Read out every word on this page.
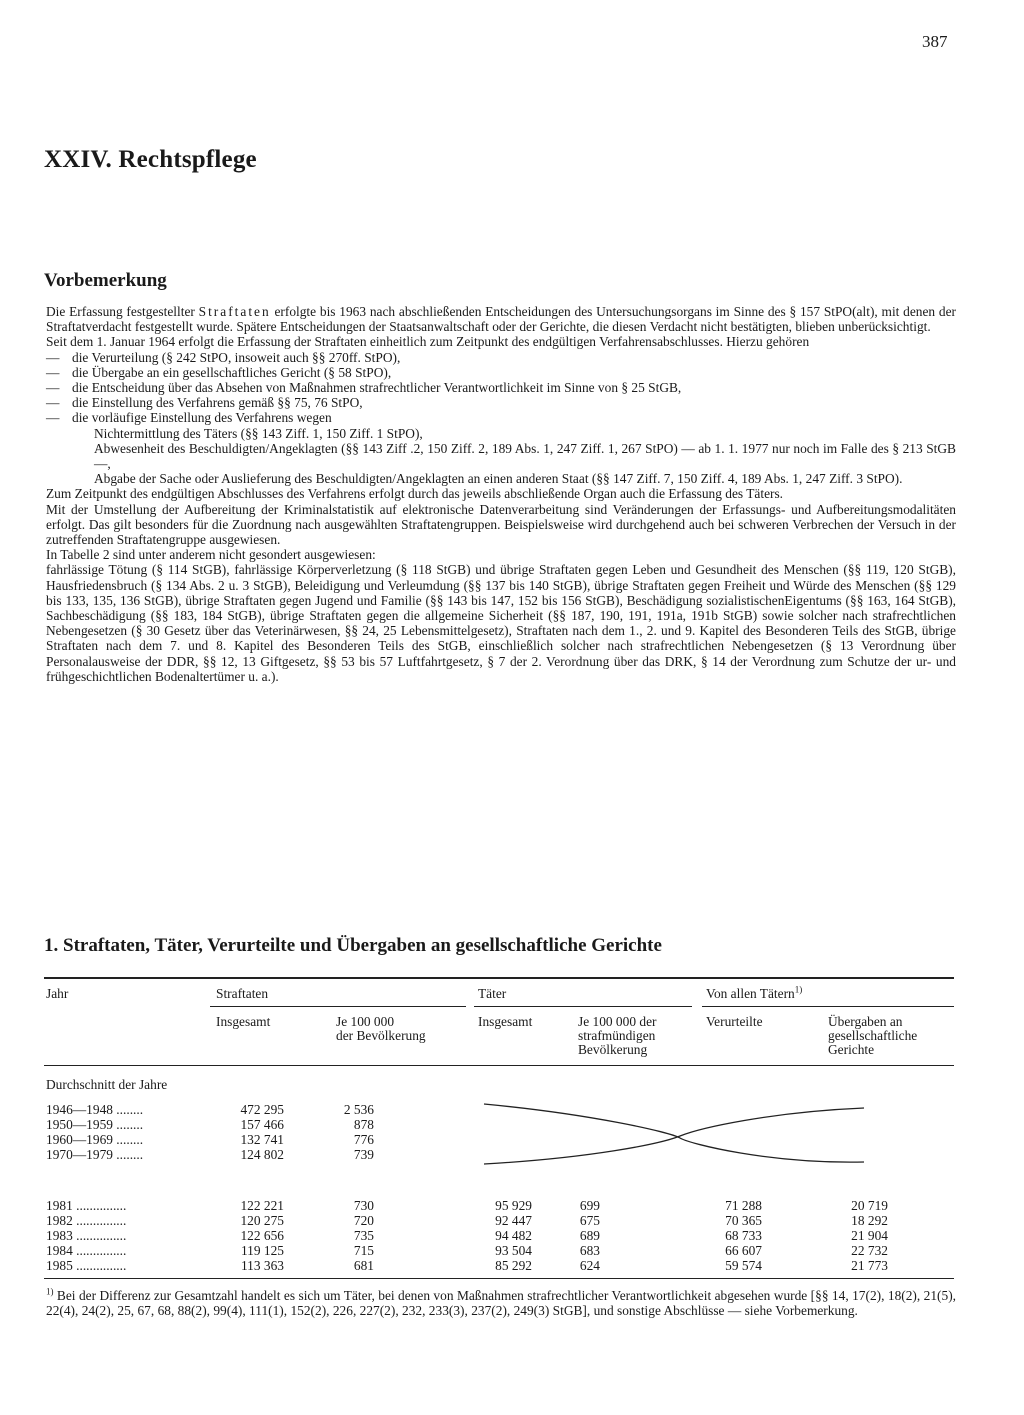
387
XXIV. Rechtspflege
Vorbemerkung

Die Erfassung festgestellter Straftaten erfolgte bis 1963 nach abschließenden Entscheidungen des Untersuchungsorgans im Sinne des § 157 StPO(alt), mit denen der Straftatverdacht festgestellt wurde. Spätere Entscheidungen der Staatsanwaltschaft oder der Gerichte, die diesen Verdacht nicht bestätigten, blieben unberücksichtigt.

Seit dem 1. Januar 1964 erfolgt die Erfassung der Straftaten einheitlich zum Zeitpunkt des endgültigen Verfahrensabschlusses. Hierzu gehören

— die Verurteilung (§ 242 StPO, insoweit auch §§ 270ff. StPO),
— die Übergabe an ein gesellschaftliches Gericht (§ 58 StPO),
— die Entscheidung über das Absehen von Maßnahmen strafrechtlicher Verantwortlichkeit im Sinne von § 25 StGB,
— die Einstellung des Verfahrens gemäß §§ 75, 76 StPO,
— die vorläufige Einstellung des Verfahrens wegen

Nichtermittlung des Täters (§§ 143 Ziff. 1, 150 Ziff. 1 StPO),

Abwesenheit des Beschuldigten/Angeklagten (§§ 143 Ziff .2, 150 Ziff. 2, 189 Abs. 1, 247 Ziff. 1, 267 StPO) — ab 1. 1. 1977 nur noch im Falle des § 213 StGB —,

Abgabe der Sache oder Auslieferung des Beschuldigten/Angeklagten an einen anderen Staat (§§ 147 Ziff. 7, 150 Ziff. 4, 189 Abs. 1, 247 Ziff. 3 StPO).

Zum Zeitpunkt des endgültigen Abschlusses des Verfahrens erfolgt durch das jeweils abschließende Organ auch die Erfassung des Täters.

Mit der Umstellung der Aufbereitung der Kriminalstatistik auf elektronische Datenverarbeitung sind Veränderungen der Erfassungs- und Aufbereitungsmodalitäten erfolgt. Das gilt besonders für die Zuordnung nach ausgewählten Straftatengruppen. Beispielsweise wird durchgehend auch bei schweren Verbrechen der Versuch in der zutreffenden Straftatengruppe ausgewiesen.

In Tabelle 2 sind unter anderem nicht gesondert ausgewiesen:

fahrlässige Tötung (§ 114 StGB), fahrlässige Körperverletzung (§ 118 StGB) und übrige Straftaten gegen Leben und Gesundheit des Menschen (§§ 119, 120 StGB), Hausfriedensbruch (§ 134 Abs. 2 u. 3 StGB), Beleidigung und Verleumdung (§§ 137 bis 140 StGB), übrige Straftaten gegen Freiheit und Würde des Menschen (§§ 129 bis 133, 135, 136 StGB), übrige Straftaten gegen Jugend und Familie (§§ 143 bis 147, 152 bis 156 StGB), Beschädigung sozialistischenEigentums (§§ 163, 164 StGB), Sachbeschädigung (§§ 183, 184 StGB), übrige Straftaten gegen die allgemeine Sicherheit (§§ 187, 190, 191, 191a, 191b StGB) sowie solcher nach strafrechtlichen Nebengesetzen (§ 30 Gesetz über das Veterinärwesen, §§ 24, 25 Lebensmittelgesetz), Straftaten nach dem 1., 2. und 9. Kapitel des Besonderen Teils des StGB, übrige Straftaten nach dem 7. und 8. Kapitel des Besonderen Teils des StGB, einschließlich solcher nach strafrechtlichen Nebengesetzen (§ 13 Verordnung über Personalausweise der DDR, §§ 12, 13 Giftgesetz, §§ 53 bis 57 Luftfahrtgesetz, § 7 der 2. Verordnung über das DRK, § 14 der Verordnung zum Schutze der ur- und frühgeschichtlichen Bodenaltertümer u. a.).

1. Straftaten, Täter, Verurteilte und Übergaben an gesellschaftliche Gerichte
Jahr	Straftaten	Täter	Von allen Tätern$^{1)}$
Insgesamt	Je 100 000
der Bevölkerung
Insgesamt	Je 100 000 der
strafmündigen
Bevölkerung
Verurteilte	Übergaben an
gesellschaftliche
Gerichte
Durchschnitt der Jahre
1946—1948 ........	472 295	2 536
1950—1959 ........	157 466	878
1960—1969 ........	132 741	776
1970—1979 ........	124 802	739
1981 ...............	122 221	730	95 929	699	71 288	20 719
1982 ...............	120 275	720	92 447	675	70 365	18 292
1983 ...............	122 656	735	94 482	689	68 733	21 904
1984 ...............	119 125	715	93 504	683	66 607	22 732
1985 ...............	113 363	681	85 292	624	59 574	21 773
$^{1)}$ Bei der Differenz zur Gesamtzahl handelt es sich um Täter, bei denen von Maßnahmen strafrechtlicher Verantwortlichkeit abgesehen wurde [§§ 14, 17(2), 18(2), 21(5), 22(4), 24(2), 25, 67, 68, 88(2), 99(4), 111(1), 152(2), 226, 227(2), 232, 233(3), 237(2), 249(3) StGB], und sonstige Abschlüsse — siehe Vorbemerkung.
